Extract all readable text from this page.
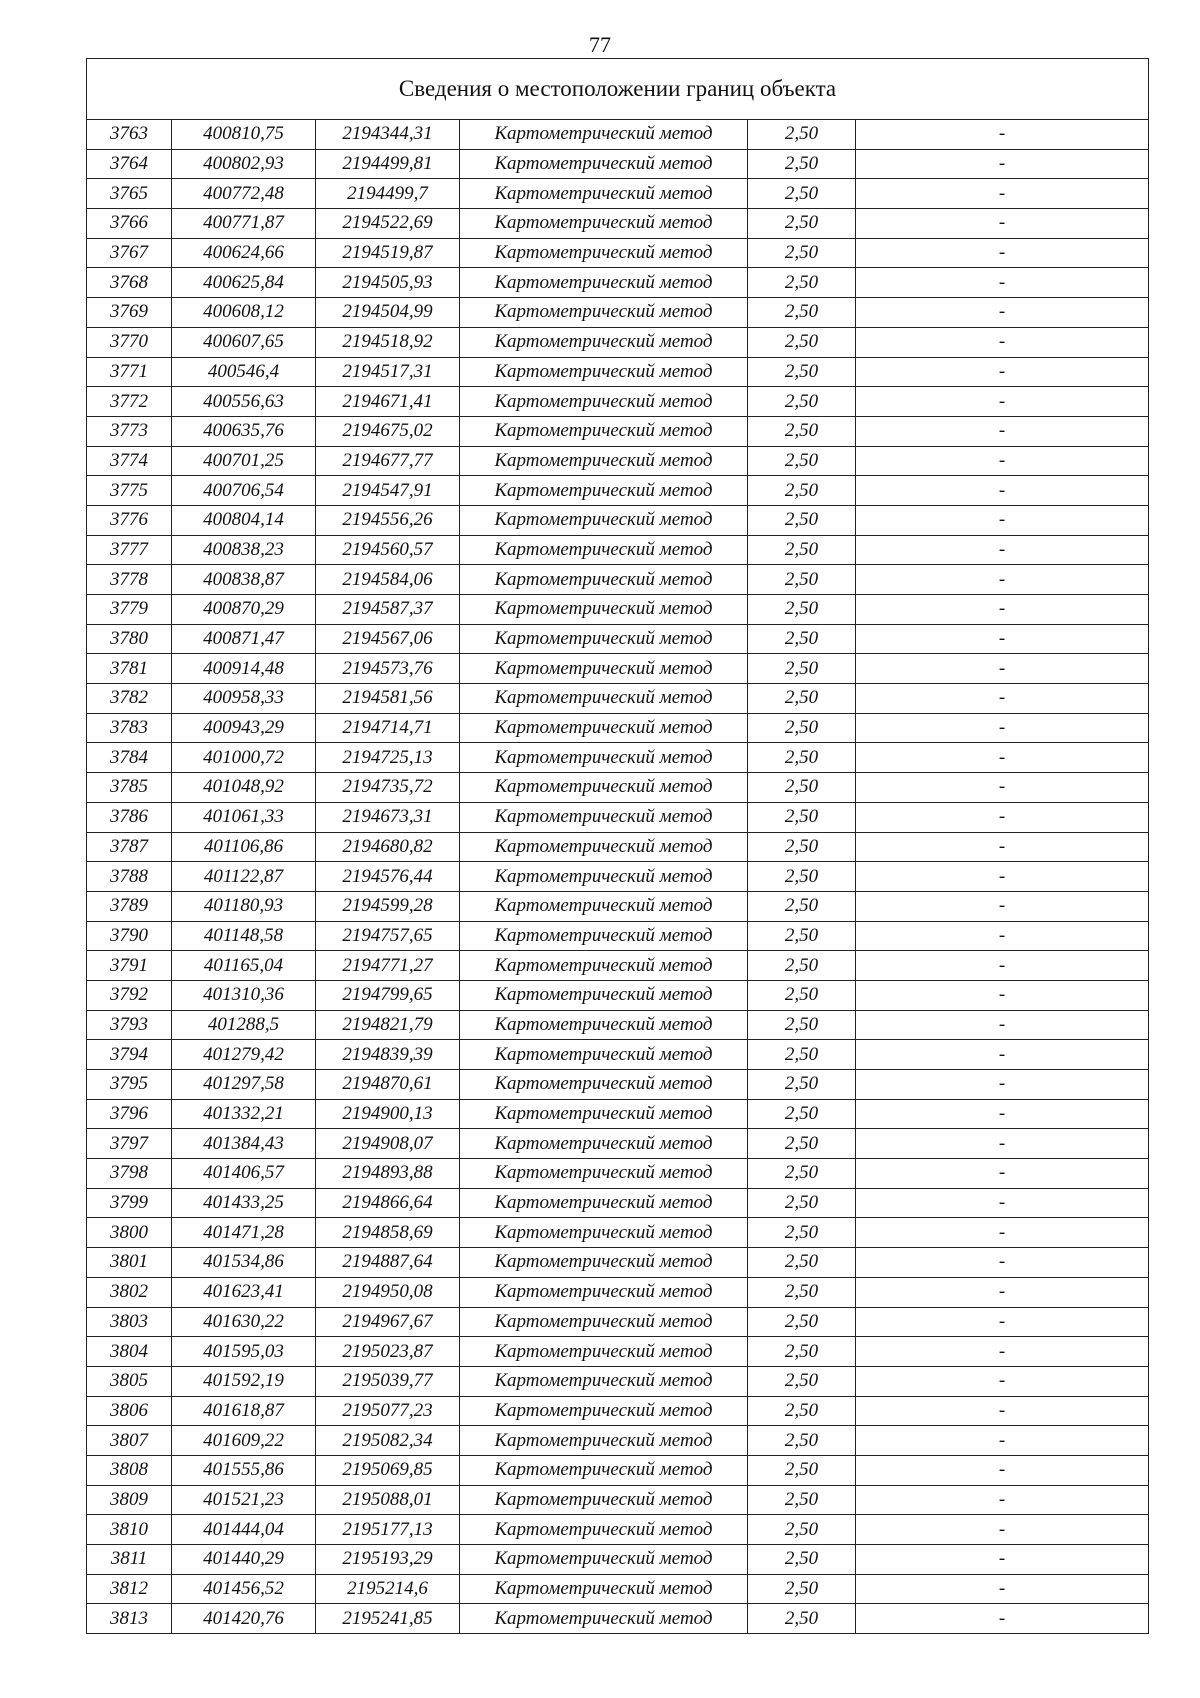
77
Сведения о местоположении границ объекта					
3763	400810,75	2194344,31	Картометрический метод	2,50	-
3764	400802,93	2194499,81	Картометрический метод	2,50	-
3765	400772,48	2194499,7	Картометрический метод	2,50	-
3766	400771,87	2194522,69	Картометрический метод	2,50	-
3767	400624,66	2194519,87	Картометрический метод	2,50	-
3768	400625,84	2194505,93	Картометрический метод	2,50	-
3769	400608,12	2194504,99	Картометрический метод	2,50	-
3770	400607,65	2194518,92	Картометрический метод	2,50	-
3771	400546,4	2194517,31	Картометрический метод	2,50	-
3772	400556,63	2194671,41	Картометрический метод	2,50	-
3773	400635,76	2194675,02	Картометрический метод	2,50	-
3774	400701,25	2194677,77	Картометрический метод	2,50	-
3775	400706,54	2194547,91	Картометрический метод	2,50	-
3776	400804,14	2194556,26	Картометрический метод	2,50	-
3777	400838,23	2194560,57	Картометрический метод	2,50	-
3778	400838,87	2194584,06	Картометрический метод	2,50	-
3779	400870,29	2194587,37	Картометрический метод	2,50	-
3780	400871,47	2194567,06	Картометрический метод	2,50	-
3781	400914,48	2194573,76	Картометрический метод	2,50	-
3782	400958,33	2194581,56	Картометрический метод	2,50	-
3783	400943,29	2194714,71	Картометрический метод	2,50	-
3784	401000,72	2194725,13	Картометрический метод	2,50	-
3785	401048,92	2194735,72	Картометрический метод	2,50	-
3786	401061,33	2194673,31	Картометрический метод	2,50	-
3787	401106,86	2194680,82	Картометрический метод	2,50	-
3788	401122,87	2194576,44	Картометрический метод	2,50	-
3789	401180,93	2194599,28	Картометрический метод	2,50	-
3790	401148,58	2194757,65	Картометрический метод	2,50	-
3791	401165,04	2194771,27	Картометрический метод	2,50	-
3792	401310,36	2194799,65	Картометрический метод	2,50	-
3793	401288,5	2194821,79	Картометрический метод	2,50	-
3794	401279,42	2194839,39	Картометрический метод	2,50	-
3795	401297,58	2194870,61	Картометрический метод	2,50	-
3796	401332,21	2194900,13	Картометрический метод	2,50	-
3797	401384,43	2194908,07	Картометрический метод	2,50	-
3798	401406,57	2194893,88	Картометрический метод	2,50	-
3799	401433,25	2194866,64	Картометрический метод	2,50	-
3800	401471,28	2194858,69	Картометрический метод	2,50	-
3801	401534,86	2194887,64	Картометрический метод	2,50	-
3802	401623,41	2194950,08	Картометрический метод	2,50	-
3803	401630,22	2194967,67	Картометрический метод	2,50	-
3804	401595,03	2195023,87	Картометрический метод	2,50	-
3805	401592,19	2195039,77	Картометрический метод	2,50	-
3806	401618,87	2195077,23	Картометрический метод	2,50	-
3807	401609,22	2195082,34	Картометрический метод	2,50	-
3808	401555,86	2195069,85	Картометрический метод	2,50	-
3809	401521,23	2195088,01	Картометрический метод	2,50	-
3810	401444,04	2195177,13	Картометрический метод	2,50	-
3811	401440,29	2195193,29	Картометрический метод	2,50	-
3812	401456,52	2195214,6	Картометрический метод	2,50	-
3813	401420,76	2195241,85	Картометрический метод	2,50	-
